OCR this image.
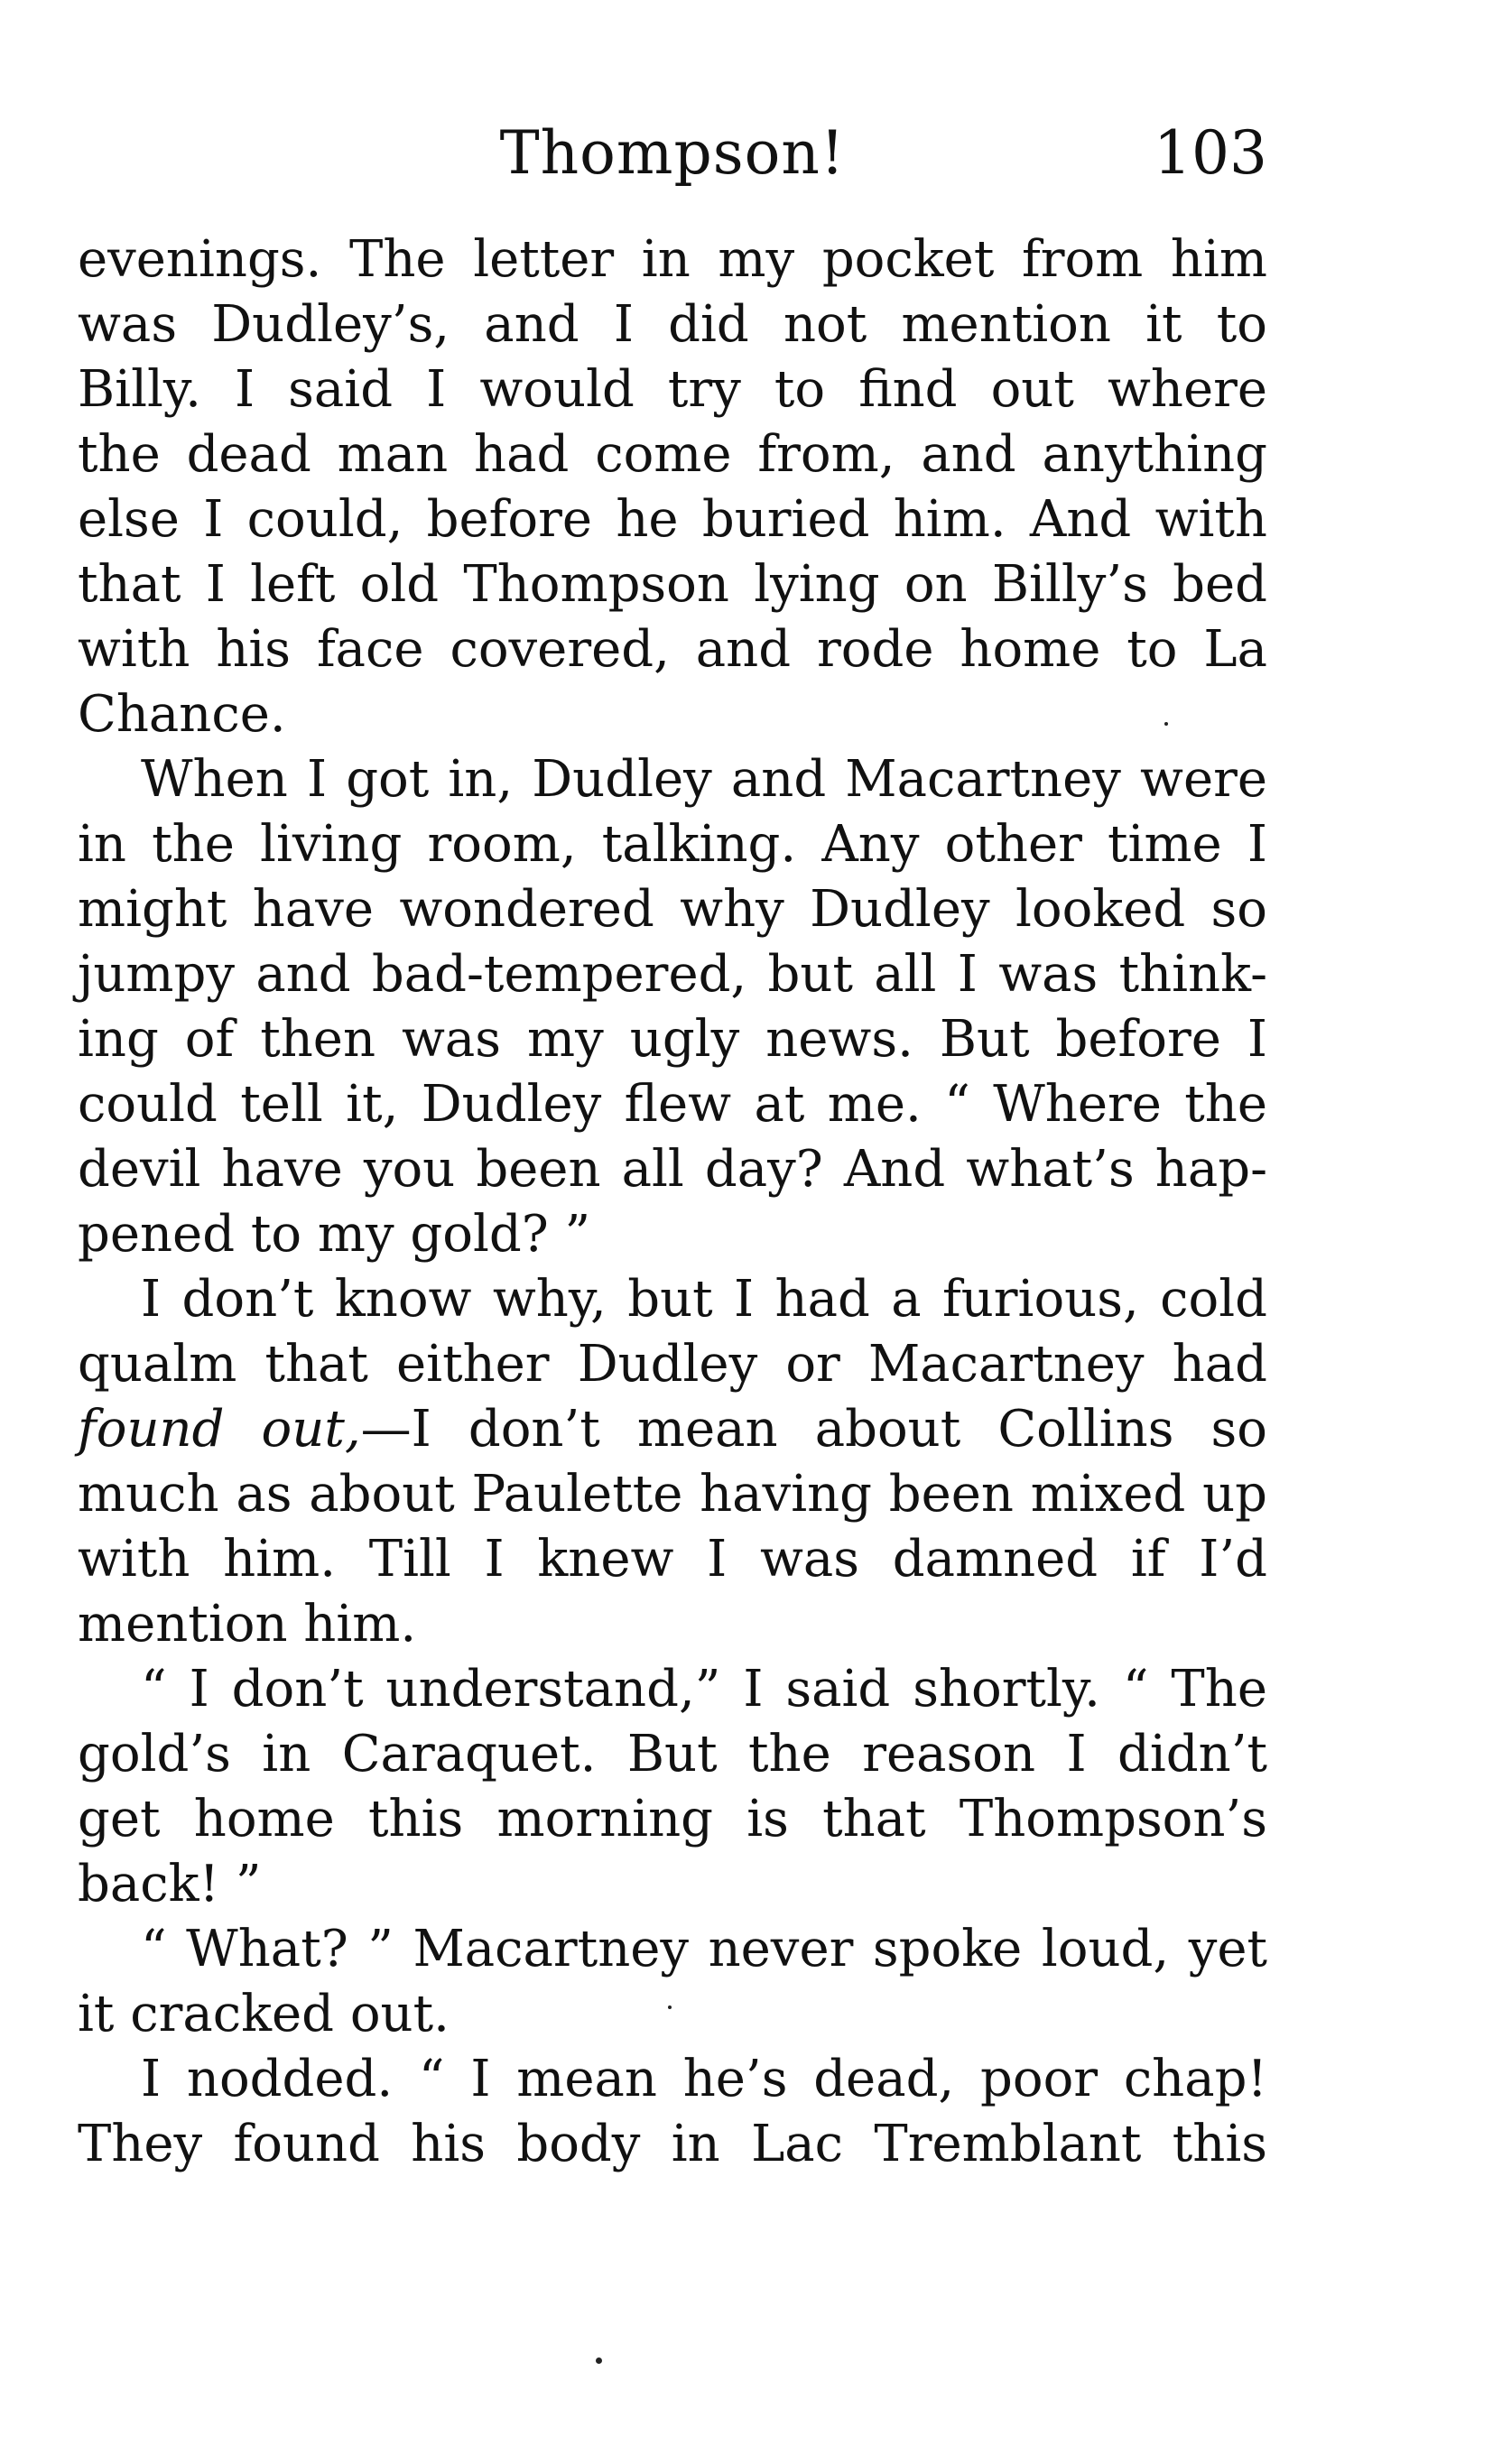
Thompson!	103
evenings. The letter in my pocket from him
was Dudley’s, and I did not mention it to
Billy. I said I would try to find out where
the dead man had come from, and anything
else I could, before he buried him. And with
that I left old Thompson lying on Billy’s bed
with his face covered, and rode home to La
Chance.
When I got in, Dudley and Macartney were
in the living room, talking. Any other time I
might have wondered why Dudley looked so
jumpy and bad-tempered, but all I was think-
ing of then was my ugly news. But before I
could tell it, Dudley flew at me. “ Where the
devil have you been all day? And what’s hap-
pened to my gold? ”
I don’t know why, but I had a furious, cold
qualm that either Dudley or Macartney had
found out,—I don’t mean about Collins so
much as about Paulette having been mixed up
with him. Till I knew I was damned if I’d
mention him.
“ I don’t understand,” I said shortly. “ The
gold’s in Caraquet. But the reason I didn’t
get home this morning is that Thompson’s
back! ”
“ What? ” Macartney never spoke loud, yet
it cracked out.
I nodded. “ I mean he’s dead, poor chap!
They found his body in Lac Tremblant this
